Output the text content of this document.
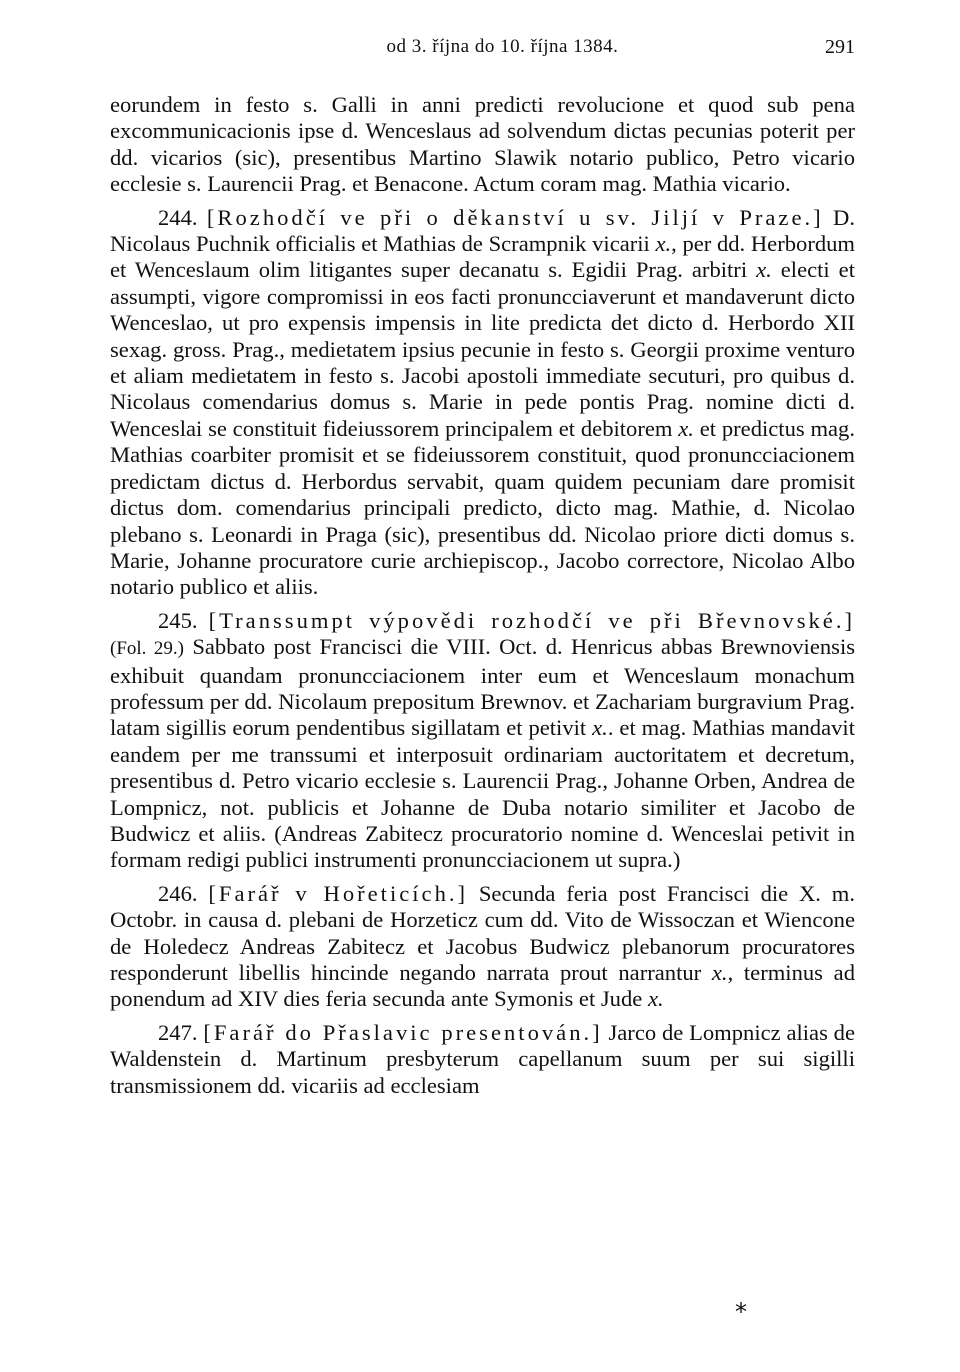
od 3. října do 10. října 1384.	291

eorundem in festo s. Galli in anni predicti revolucione et quod sub pena excommunicacionis ipse d. Wenceslaus ad solvendum dictas pecunias poterit per dd. vicarios (sic), presentibus Martino Slawik notario publico, Petro vicario ecclesie s. Laurencii Prag. et Benacone. Actum coram mag. Mathia vicario.

244. [Rozhodčí ve při o děkanství u sv. Jiljí v Praze.] D. Nicolaus Puchnik officialis et Mathias de Scrampnik vicarii x., per dd. Herbordum et Wenceslaum olim litigantes super decanatu s. Egidii Prag. arbitri x. electi et assumpti, vigore compromissi in eos facti pronuncciaverunt et mandaverunt dicto Wenceslao, ut pro expensis impensis in lite predicta det dicto d. Herbordo XII sexag. gross. Prag., medietatem ipsius pecunie in festo s. Georgii proxime venturo et aliam medietatem in festo s. Jacobi apostoli immediate secuturi, pro quibus d. Nicolaus comendarius domus s. Marie in pede pontis Prag. nomine dicti d. Wenceslai se constituit fideiussorem principalem et debitorem x. et predictus mag. Mathias coarbiter promisit et se fideiussorem constituit, quod pronuncciacionem predictam dictus d. Herbordus servabit, quam quidem pecuniam dare promisit dictus dom. comendarius principali predicto, dicto mag. Mathie, d. Nicolao plebano s. Leonardi in Praga (sic), presentibus dd. Nicolao priore dicti domus s. Marie, Johanne procuratore curie archiepiscop., Jacobo correctore, Nicolao Albo notario publico et aliis.

245. [Transsumpt výpovědi rozhodčí ve při Břevnovské.] (Fol. 29.) Sabbato post Francisci die VIII. Oct. d. Henricus abbas Brewnoviensis exhibuit quandam pronuncciacionem inter eum et Wenceslaum monachum professum per dd. Nicolaum prepositum Brewnov. et Zachariam burgravium Prag. latam sigillis eorum pendentibus sigillatam et petivit x.. et mag. Mathias mandavit eandem per me transsumi et interposuit ordinariam auctoritatem et decretum, presentibus d. Petro vicario ecclesie s. Laurencii Prag., Johanne Orben, Andrea de Lompnicz, not. publicis et Johanne de Duba notario similiter et Jacobo de Budwicz et aliis. (Andreas Zabitecz procuratorio nomine d. Wenceslai petivit in formam redigi publici instrumenti pronuncciacionem ut supra.)

246. [Farář v Hořeticích.] Secunda feria post Francisci die X. m. Octobr. in causa d. plebani de Horzeticz cum dd. Vito de Wissoczan et Wiencone de Holedecz Andreas Zabitecz et Jacobus Budwicz plebanorum procuratores responderunt libellis hincinde negando narrata prout narrantur x., terminus ad ponendum ad XIV dies feria secunda ante Symonis et Jude x.

247. [Farář do Přaslavic presentován.] Jarco de Lompnicz alias de Waldenstein d. Martinum presbyterum capellanum suum per sui sigilli transmissionem dd. vicariis ad ecclesiam

*
